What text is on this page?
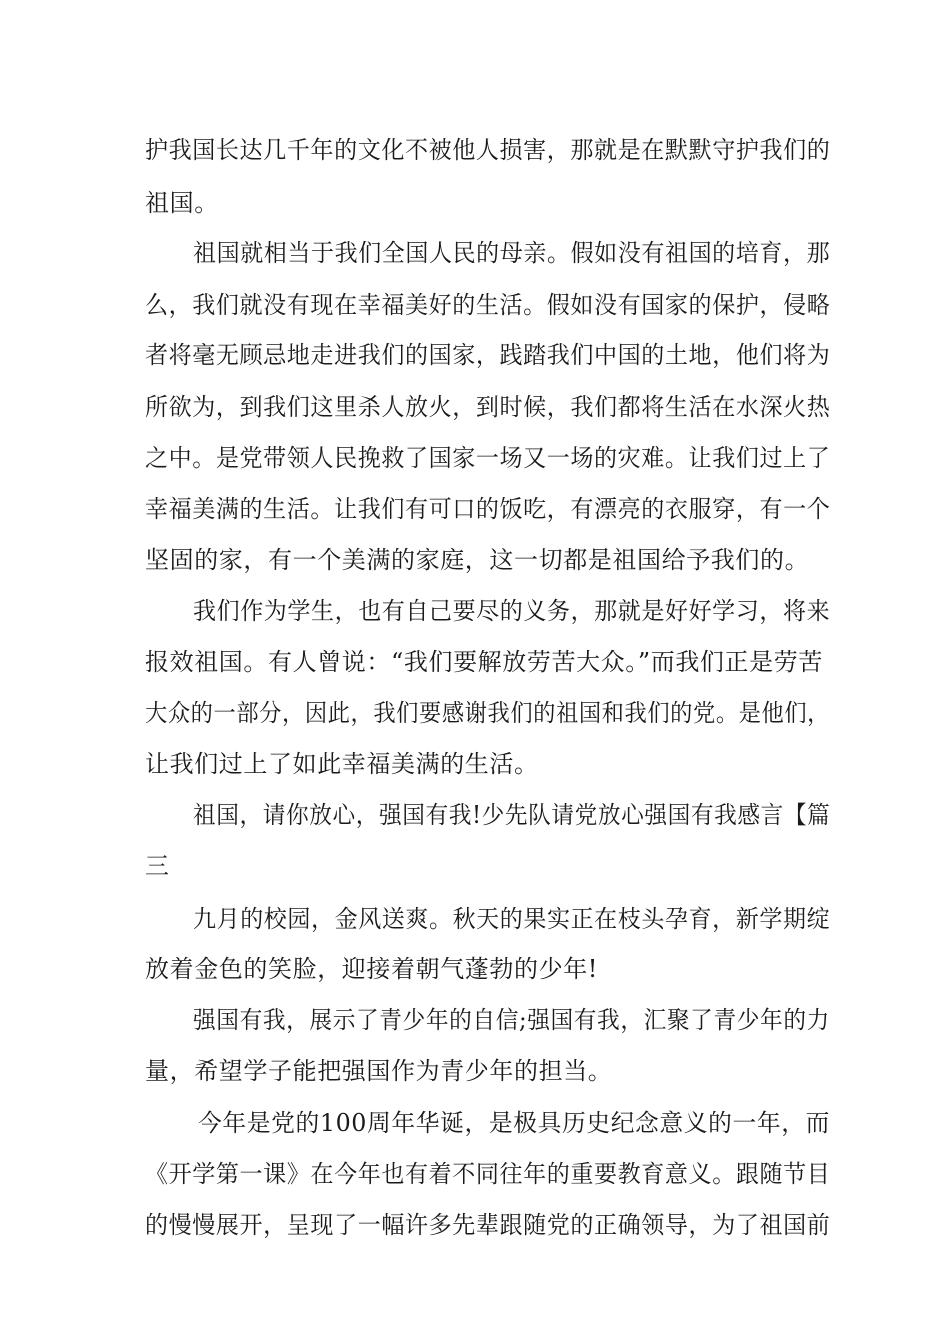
护我国长达几千年的文化不被他人损害，那就是在默默守护我们的
祖国。
祖国就相当于我们全国人民的母亲。假如没有祖国的培育，那
么，我们就没有现在幸福美好的生活。假如没有国家的保护，侵略
者将毫无顾忌地走进我们的国家，践踏我们中国的土地，他们将为
所欲为，到我们这里杀人放火，到时候，我们都将生活在水深火热
之中。是党带领人民挽救了国家一场又一场的灾难。让我们过上了
幸福美满的生活。让我们有可口的饭吃，有漂亮的衣服穿，有一个
坚固的家，有一个美满的家庭，这一切都是祖国给予我们的。
我们作为学生，也有自己要尽的义务，那就是好好学习，将来
报效祖国。有人曾说：“我们要解放劳苦大众。”而我们正是劳苦
大众的一部分，因此，我们要感谢我们的祖国和我们的党。是他们，
让我们过上了如此幸福美满的生活。
祖国，请你放心，强国有我!少先队请党放心强国有我感言【篇
三
九月的校园，金风送爽。秋天的果实正在枝头孕育，新学期绽
放着金色的笑脸，迎接着朝气蓬勃的少年!
强国有我，展示了青少年的自信;强国有我，汇聚了青少年的力
量，希望学子能把强国作为青少年的担当。
今年是党的100周年华诞，是极具历史纪念意义的一年，而
《开学第一课》在今年也有着不同往年的重要教育意义。跟随节目
的慢慢展开，呈现了一幅许多先辈跟随党的正确领导，为了祖国前
